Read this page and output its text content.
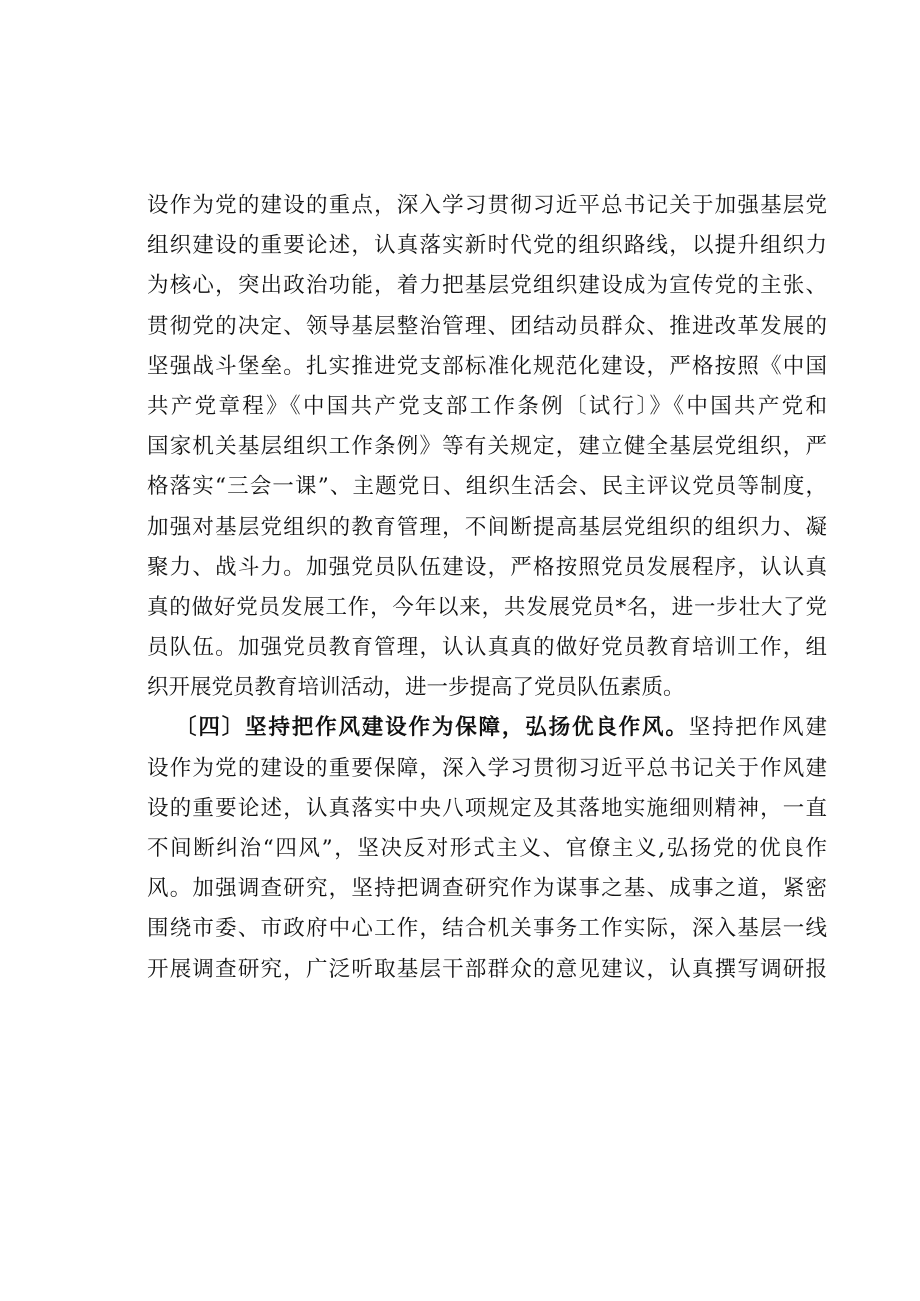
设作为党的建设的重点，深入学习贯彻习近平总书记关于加强基层党
组织建设的重要论述，认真落实新时代党的组织路线，以提升组织力
为核心，突出政治功能，着力把基层党组织建设成为宣传党的主张、
贯彻党的决定、领导基层整治管理、团结动员群众、推进改革发展的
坚强战斗堡垒。扎实推进党支部标准化规范化建设，严格按照《中国
共产党章程》《中国共产党支部工作条例〔试行〕》《中国共产党和
国家机关基层组织工作条例》等有关规定，建立健全基层党组织，严
格落实“三会一课”、主题党日、组织生活会、民主评议党员等制度，
加强对基层党组织的教育管理，不间断提高基层党组织的组织力、凝
聚力、战斗力。加强党员队伍建设，严格按照党员发展程序，认认真
真的做好党员发展工作，今年以来，共发展党员*名，进一步壮大了党
员队伍。加强党员教育管理，认认真真的做好党员教育培训工作，组
织开展党员教育培训活动，进一步提高了党员队伍素质。
〔四〕坚持把作风建设作为保障，弘扬优良作风。坚持把作风建
设作为党的建设的重要保障，深入学习贯彻习近平总书记关于作风建
设的重要论述，认真落实中央八项规定及其落地实施细则精神，一直
不间断纠治“四风”，坚决反对形式主义、官僚主义,弘扬党的优良作
风。加强调查研究，坚持把调查研究作为谋事之基、成事之道，紧密
围绕市委、市政府中心工作，结合机关事务工作实际，深入基层一线
开展调查研究，广泛听取基层干部群众的意见建议，认真撰写调研报
